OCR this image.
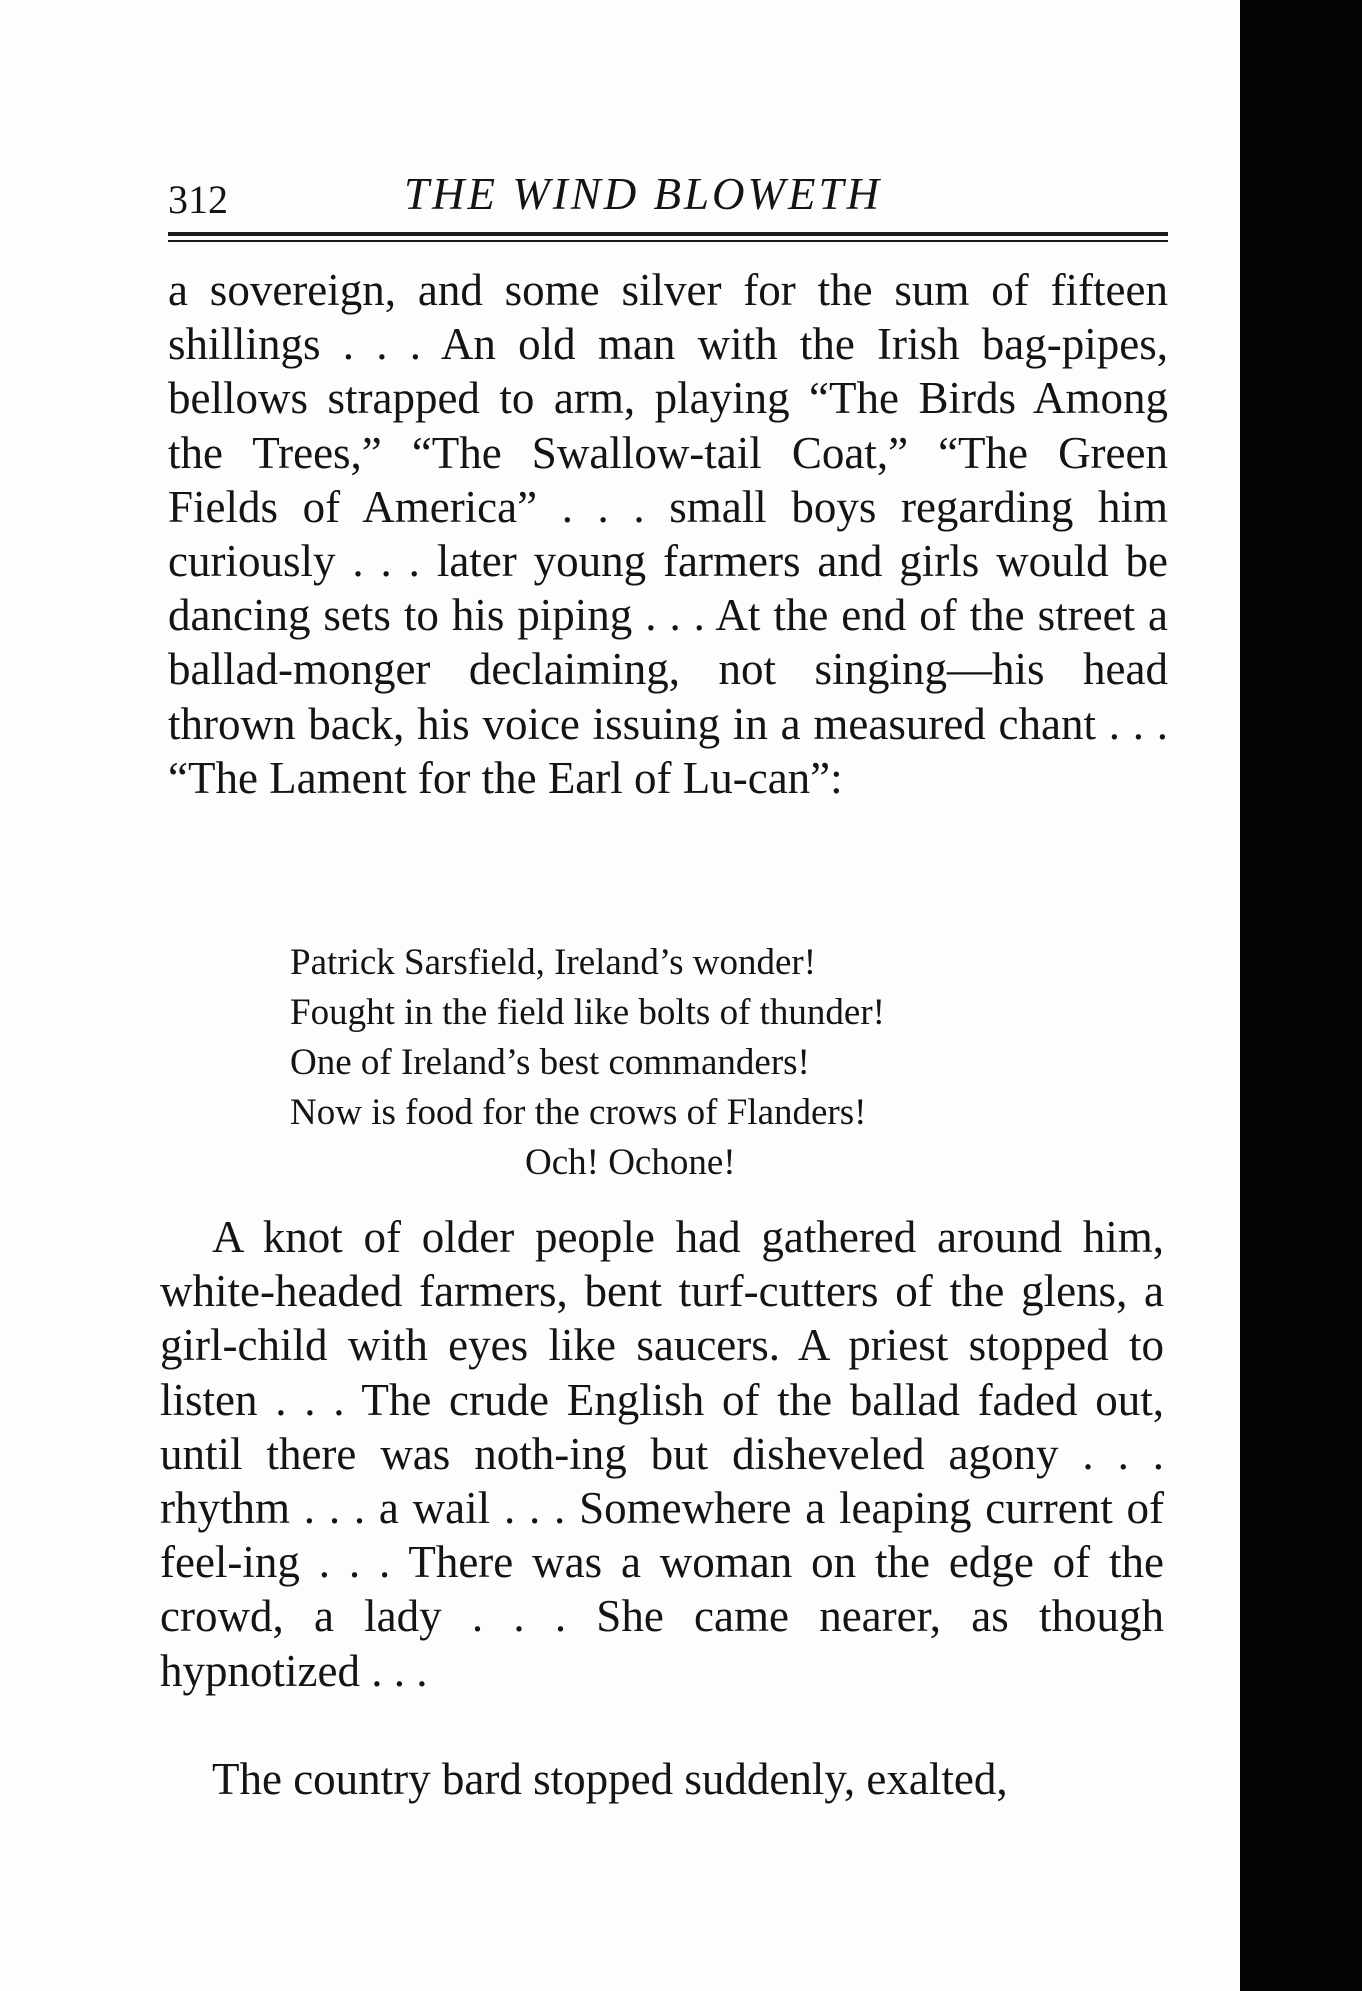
312	THE WIND BLOWETH

a sovereign, and some silver for the sum of fifteen shillings . . . An old man with the Irish bag-pipes, bellows strapped to arm, playing “The Birds Among the Trees,” “The Swallow-tail Coat,” “The Green Fields of America” . . . small boys regarding him curiously . . . later young farmers and girls would be dancing sets to his piping . . . At the end of the street a ballad-monger declaiming, not singing—his head thrown back, his voice issuing in a measured chant . . . “The Lament for the Earl of Lu-can”:

Patrick Sarsfield, Ireland’s wonder!
Fought in the field like bolts of thunder!
One of Ireland’s best commanders!
Now is food for the crows of Flanders!
Och! Ochone!

A knot of older people had gathered around him, white-headed farmers, bent turf-cutters of the glens, a girl-child with eyes like saucers. A priest stopped to listen . . . The crude English of the ballad faded out, until there was noth-ing but disheveled agony . . . rhythm . . . a wail . . . Somewhere a leaping current of feel-ing . . . There was a woman on the edge of the crowd, a lady . . . She came nearer, as though hypnotized . . .

The country bard stopped suddenly, exalted,
